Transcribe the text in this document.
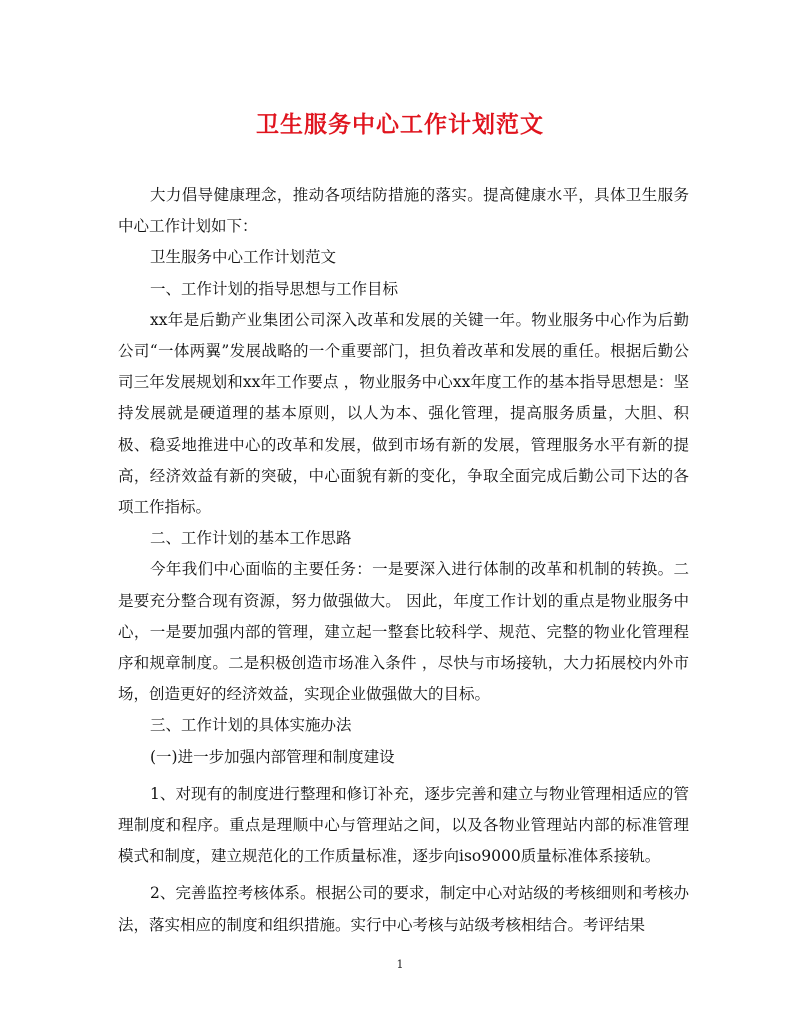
卫生服务中心工作计划范文

大力倡导健康理念，推动各项结防措施的落实。提高健康水平，具体卫生服务中心工作计划如下：

卫生服务中心工作计划范文

一、工作计划的指导思想与工作目标

xx年是后勤产业集团公司深入改革和发展的关键一年。物业服务中心作为后勤公司“一体两翼”发展战略的一个重要部门，担负着改革和发展的重任。根据后勤公司三年发展规划和xx年工作要点 ，物业服务中心xx年度工作的基本指导思想是：坚持发展就是硬道理的基本原则，以人为本、强化管理，提高服务质量，大胆、积极、稳妥地推进中心的改革和发展，做到市场有新的发展，管理服务水平有新的提高，经济效益有新的突破，中心面貌有新的变化，争取全面完成后勤公司下达的各项工作指标。

二、工作计划的基本工作思路

今年我们中心面临的主要任务：一是要深入进行体制的改革和机制的转换。二是要充分整合现有资源，努力做强做大。 因此，年度工作计划的重点是物业服务中心，一是要加强内部的管理，建立起一整套比较科学、规范、完整的物业化管理程序和规章制度。二是积极创造市场准入条件 ，尽快与市场接轨，大力拓展校内外市场，创造更好的经济效益，实现企业做强做大的目标。

三、工作计划的具体实施办法

(一)进一步加强内部管理和制度建设

1、对现有的制度进行整理和修订补充，逐步完善和建立与物业管理相适应的管理制度和程序。重点是理顺中心与管理站之间，以及各物业管理站内部的标准管理模式和制度，建立规范化的工作质量标准，逐步向iso9000质量标准体系接轨。

2、完善监控考核体系。根据公司的要求，制定中心对站级的考核细则和考核办法，落实相应的制度和组织措施。实行中心考核与站级考核相结合。考评结果

1
